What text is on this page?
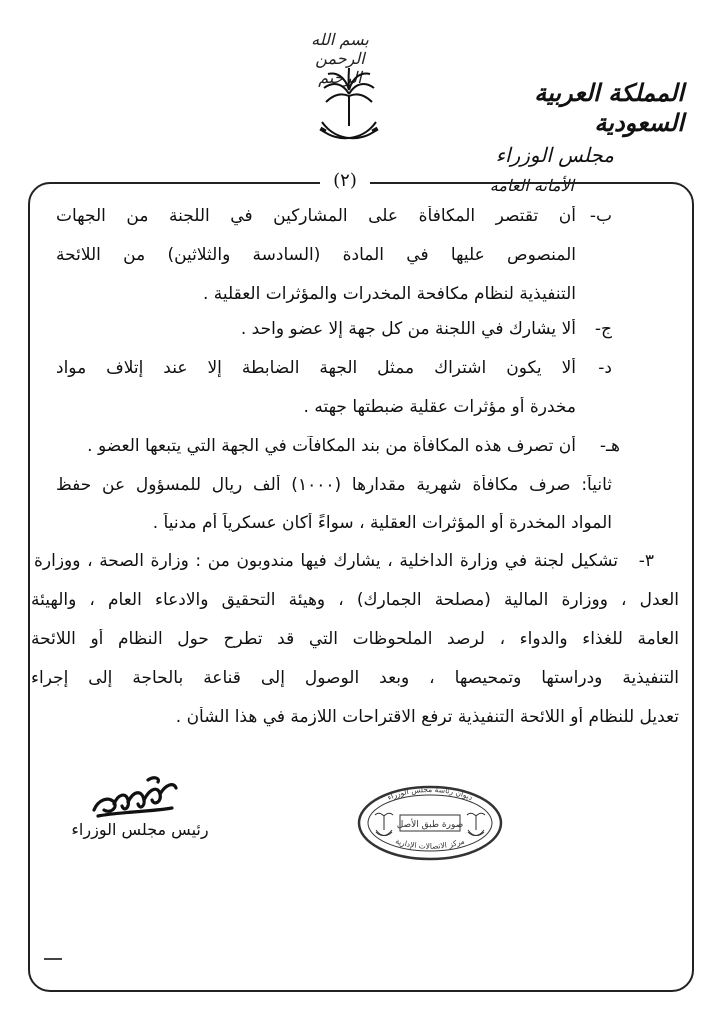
بسم الله الرحمن الرحيم
المملكة العربية السعودية
مجلس الوزراء
الأمانة العامة
(٢)
ب-
أن تقتصر المكافأة على المشاركين في اللجنة من الجهات
المنصوص عليها في المادة (السادسة والثلاثين) من اللائحة
التنفيذية لنظام مكافحة المخدرات والمؤثرات العقلية .
ج-
ألا يشارك في اللجنة من كل جهة إلا عضو واحد .
د-
ألا يكون اشتراك ممثل الجهة الضابطة إلا عند إتلاف مواد
مخدرة أو مؤثرات عقلية ضبطتها جهته .
هـ-
أن تصرف هذه المكافأة من بند المكافآت في الجهة التي يتبعها العضو .
ثانياً: صرف مكافأة شهرية مقدارها (١٠٠٠) ألف ريال للمسؤول عن حفظ
المواد المخدرة أو المؤثرات العقلية ، سواءً أكان عسكرياً أم مدنياً .
٣-
تشكيل لجنة في وزارة الداخلية ، يشارك فيها مندوبون من : وزارة الصحة ، ووزارة
العدل ، ووزارة المالية (مصلحة الجمارك) ، وهيئة التحقيق والادعاء العام ، والهيئة
العامة للغذاء والدواء ، لرصد الملحوظات التي قد تطرح حول النظام أو اللائحة
التنفيذية ودراستها وتمحيصها ، وبعد الوصول إلى قناعة بالحاجة إلى إجراء
تعديل للنظام أو اللائحة التنفيذية ترفع الاقتراحات اللازمة في هذا الشأن .
ديوان رئاسة مجلس الوزراء
مركز الاتصالات الإدارية
صورة طبق الأصل
رئيس مجلس الوزراء
